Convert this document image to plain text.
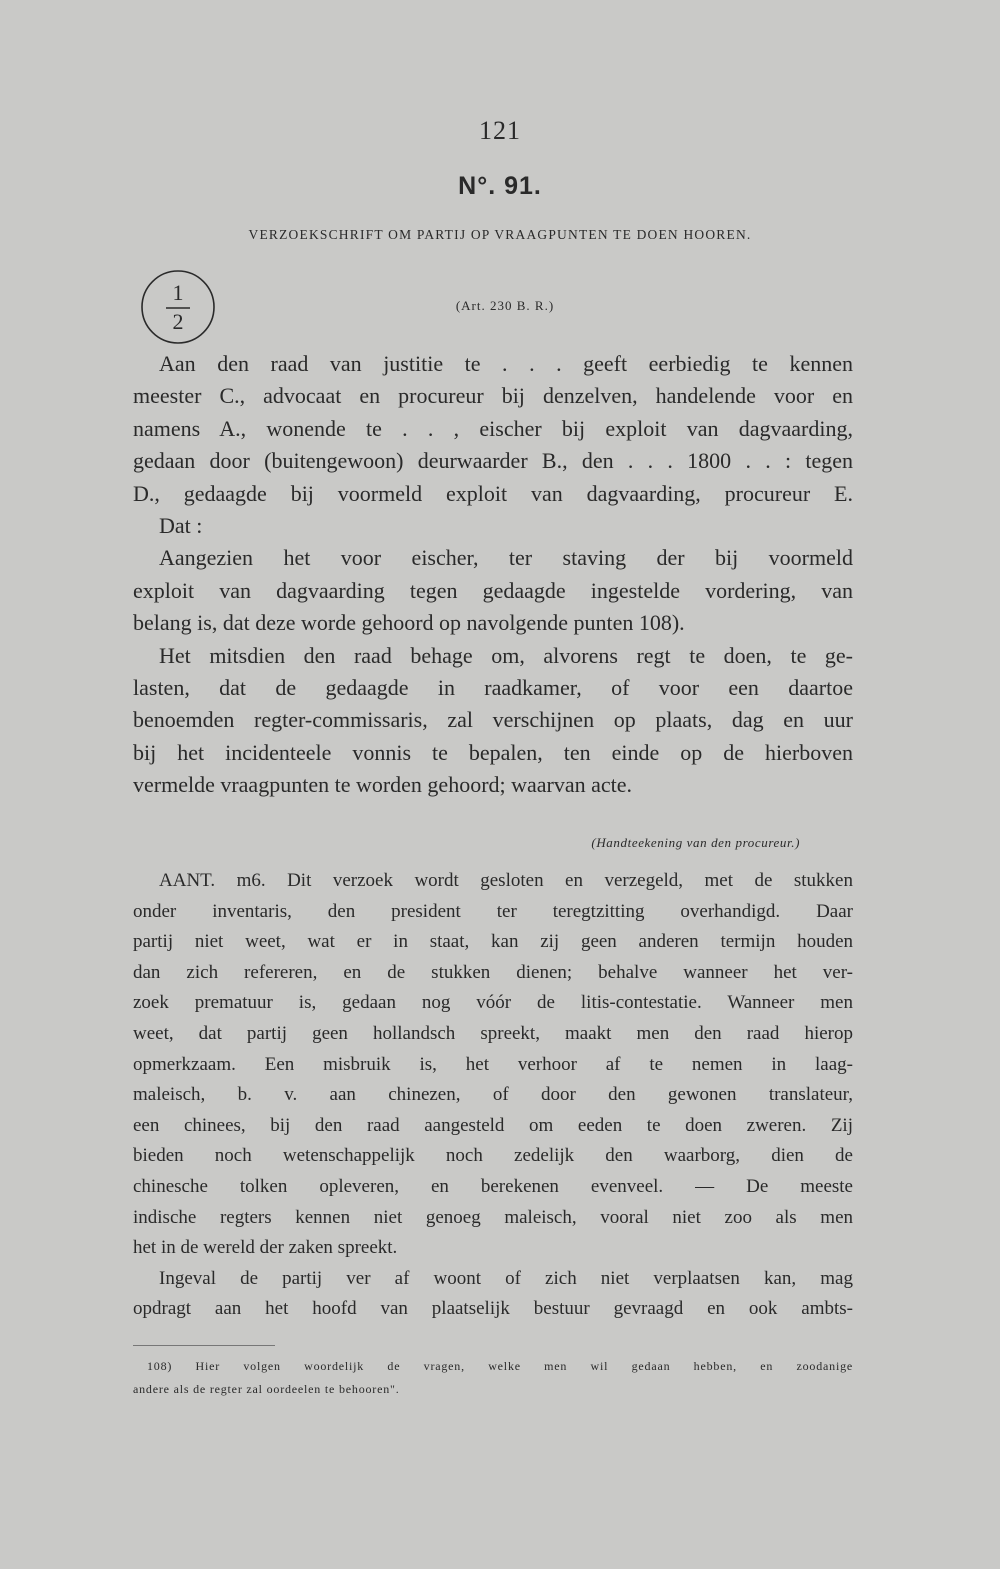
121
N°. 91.
VERZOEKSCHRIFT OM PARTIJ OP VRAAGPUNTEN TE DOEN HOOREN.
1
2
(Art. 230 B. R.)
Aan den raad van justitie te . . . geeft eerbiedig te kennen
meester C., advocaat en procureur bij denzelven, handelende voor en
namens A., wonende te . . , eischer bij exploit van dagvaarding,
gedaan door (buitengewoon) deurwaarder B., den . . . 1800 . . : tegen
D., gedaagde bij voormeld exploit van dagvaarding, procureur E.
Dat :
Aangezien het voor eischer, ter staving der bij voormeld
exploit van dagvaarding tegen gedaagde ingestelde vordering, van
belang is, dat deze worde gehoord op navolgende punten 108).
Het mitsdien den raad behage om, alvorens regt te doen, te ge-
lasten, dat de gedaagde in raadkamer, of voor een daartoe
benoemden regter-commissaris, zal verschijnen op plaats, dag en uur
bij het incidenteele vonnis te bepalen, ten einde op de hierboven
vermelde vraagpunten te worden gehoord; waarvan acte.
(Handteekening van den procureur.)
AANT. m6. Dit verzoek wordt gesloten en verzegeld, met de stukken
onder inventaris, den president ter teregtzitting overhandigd. Daar
partij niet weet, wat er in staat, kan zij geen anderen termijn houden
dan zich refereren, en de stukken dienen; behalve wanneer het ver-
zoek prematuur is, gedaan nog vóór de litis-contestatie. Wanneer men
weet, dat partij geen hollandsch spreekt, maakt men den raad hierop
opmerkzaam. Een misbruik is, het verhoor af te nemen in laag-
maleisch, b. v. aan chinezen, of door den gewonen translateur,
een chinees, bij den raad aangesteld om eeden te doen zweren. Zij
bieden noch wetenschappelijk noch zedelijk den waarborg, dien de
chinesche tolken opleveren, en berekenen evenveel. — De meeste
indische regters kennen niet genoeg maleisch, vooral niet zoo als men
het in de wereld der zaken spreekt.
Ingeval de partij ver af woont of zich niet verplaatsen kan, mag
opdragt aan het hoofd van plaatselijk bestuur gevraagd en ook ambts-
108) Hier volgen woordelijk de vragen, welke men wil gedaan hebben, en zoodanige
andere als de regter zal oordeelen te behooren".
